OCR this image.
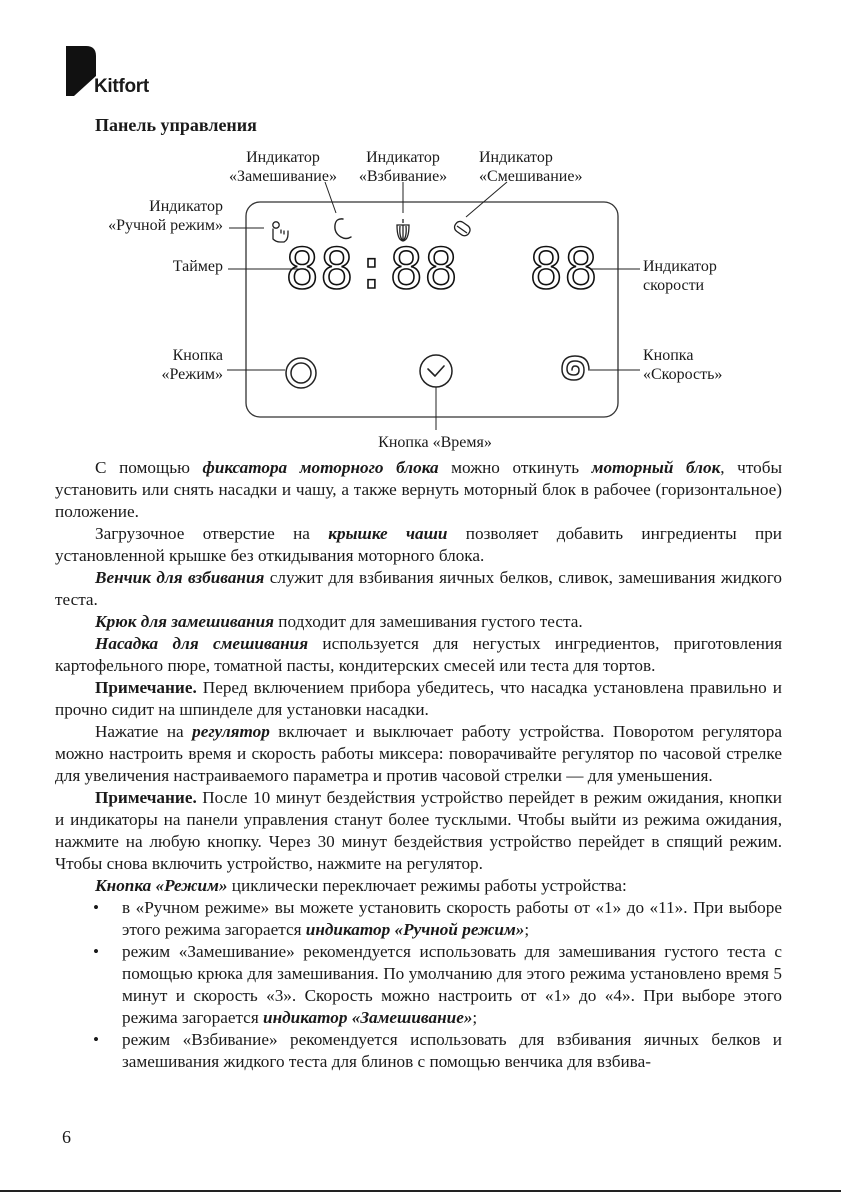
Kitfort
Панель управления
88:88 88
Индикатор
«Замешивание»
Индикатор
«Взбивание»
Индикатор
«Смешивание»
Индикатор
«Ручной режим»
Таймер	Индикатор
скорости
Кнопка
«Режим»
Кнопка
«Скорость»
Кнопка «Время»

С помощью фиксатора моторного блока можно откинуть моторный блок, чтобы установить или снять насадки и чашу, а также вернуть моторный блок в рабочее (горизонтальное) положение.

Загрузочное отверстие на крышке чаши позволяет добавить ингредиенты при установленной крышке без откидывания моторного блока.

Венчик для взбивания служит для взбивания яичных белков, сливок, замешивания жидкого теста.

Крюк для замешивания подходит для замешивания густого теста.

Насадка для смешивания используется для негустых ингредиентов, приготовления картофельного пюре, томатной пасты, кондитерских смесей или теста для тортов.

Примечание. Перед включением прибора убедитесь, что насадка установлена правильно и прочно сидит на шпинделе для установки насадки.

Нажатие на регулятор включает и выключает работу устройства. Поворотом регулятора можно настроить время и скорость работы миксера: поворачивайте регулятор по часовой стрелке для увеличения настраиваемого параметра и против часовой стрелки — для уменьшения.

Примечание. После 10 минут бездействия устройство перейдет в режим ожидания, кнопки и индикаторы на панели управления станут более тусклыми. Чтобы выйти из режима ожидания, нажмите на любую кнопку. Через 30 минут бездействия устройство перейдет в спящий режим. Чтобы снова включить устройство, нажмите на регулятор.

Кнопка «Режим» циклически переключает режимы работы устройства:

• в «Ручном режиме» вы можете установить скорость работы от «1» до «11». При выборе этого режима загорается индикатор «Ручной режим»;
• режим «Замешивание» рекомендуется использовать для замешивания густого теста с помощью крюка для замешивания. По умолчанию для этого режима установлено время 5 минут и скорость «3». Скорость можно настроить от «1» до «4». При выборе этого режима загорается индикатор «Замешивание»;
• режим «Взбивание» рекомендуется использовать для взбивания яичных белков и замешивания жидкого теста для блинов с помощью венчика для взбива-
6
